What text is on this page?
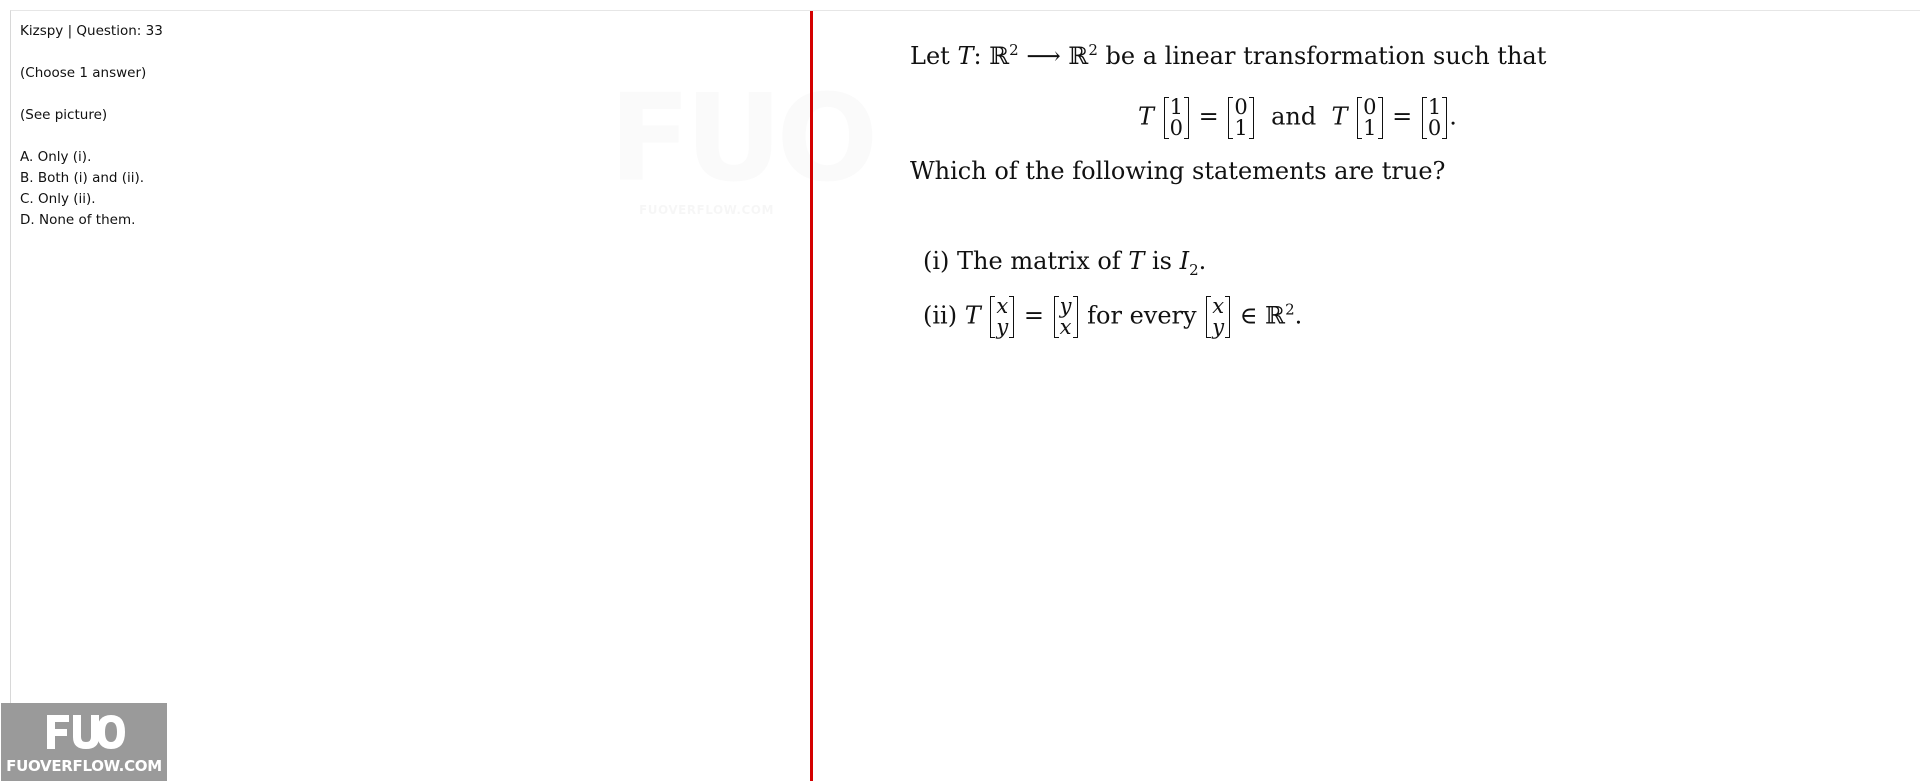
Kizspy | Question: 33
(Choose 1 answer)
(See picture)
A. Only (i).
B. Both (i) and (ii).
C. Only (ii).
D. None of them.
FUOVERFLOW.COM
Let T: ℝ$^2$ ⟶ ℝ$^2$ be a linear transformation such that
T 1
0 = 0
1 and T 0
1 = 1
0 .
Which of the following statements are true?
(i) The matrix of T is $I_2$.
(ii) T x
y = y
x for every x
y ∈ ℝ$^2$.
